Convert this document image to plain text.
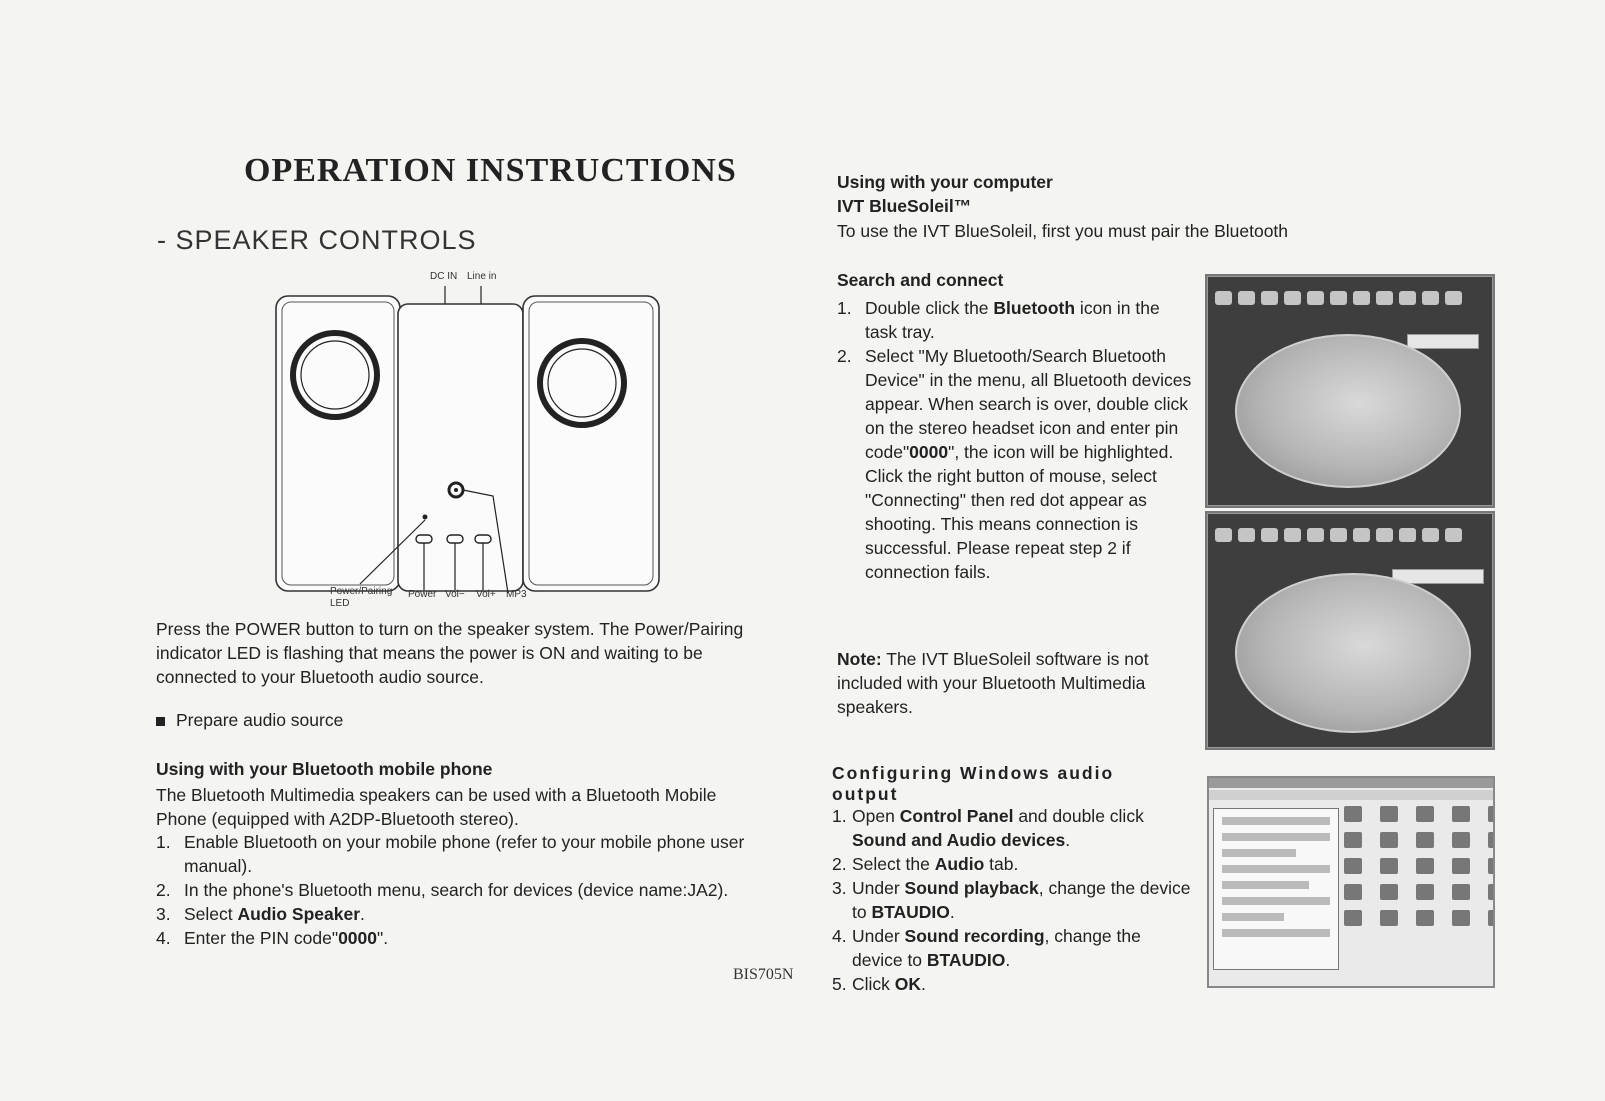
OPERATION INSTRUCTIONS
- SPEAKER CONTROLS
DC IN Line in
Power/Pairing
LED
Power Vol− Vol+ MP3
Press the POWER button to turn on the speaker system. The Power/Pairing indicator LED is flashing that means the power is ON and waiting to be connected to your Bluetooth audio source.
Prepare audio source
Using with your Bluetooth mobile phone
The Bluetooth Multimedia speakers can be used with a Bluetooth Mobile Phone (equipped with A2DP-Bluetooth stereo).
1. Enable Bluetooth on your mobile phone (refer to your mobile phone user manual).
2. In the phone's Bluetooth menu, search for devices (device name:JA2).
3. Select Audio Speaker.
4. Enter the PIN code"0000".
BIS705N
Using with your computer
IVT BlueSoleil™
To use the IVT BlueSoleil, first you must pair the Bluetooth
Search and connect
1. Double click the Bluetooth icon in the task tray.
2. Select "My Bluetooth/Search Bluetooth Device" in the menu, all Bluetooth devices appear. When search is over, double click on the stereo headset icon and enter pin code"0000", the icon will be highlighted. Click the right button of mouse, select "Connecting" then red dot appear as shooting. This means connection is successful. Please repeat step 2 if connection fails.
Note: The IVT BlueSoleil software is not included with your Bluetooth Multimedia speakers.
Configuring Windows audio output
1. Open Control Panel and double click Sound and Audio devices.
2. Select the Audio tab.
3. Under Sound playback, change the device to BTAUDIO.
4. Under Sound recording, change the device to BTAUDIO.
5. Click OK.
